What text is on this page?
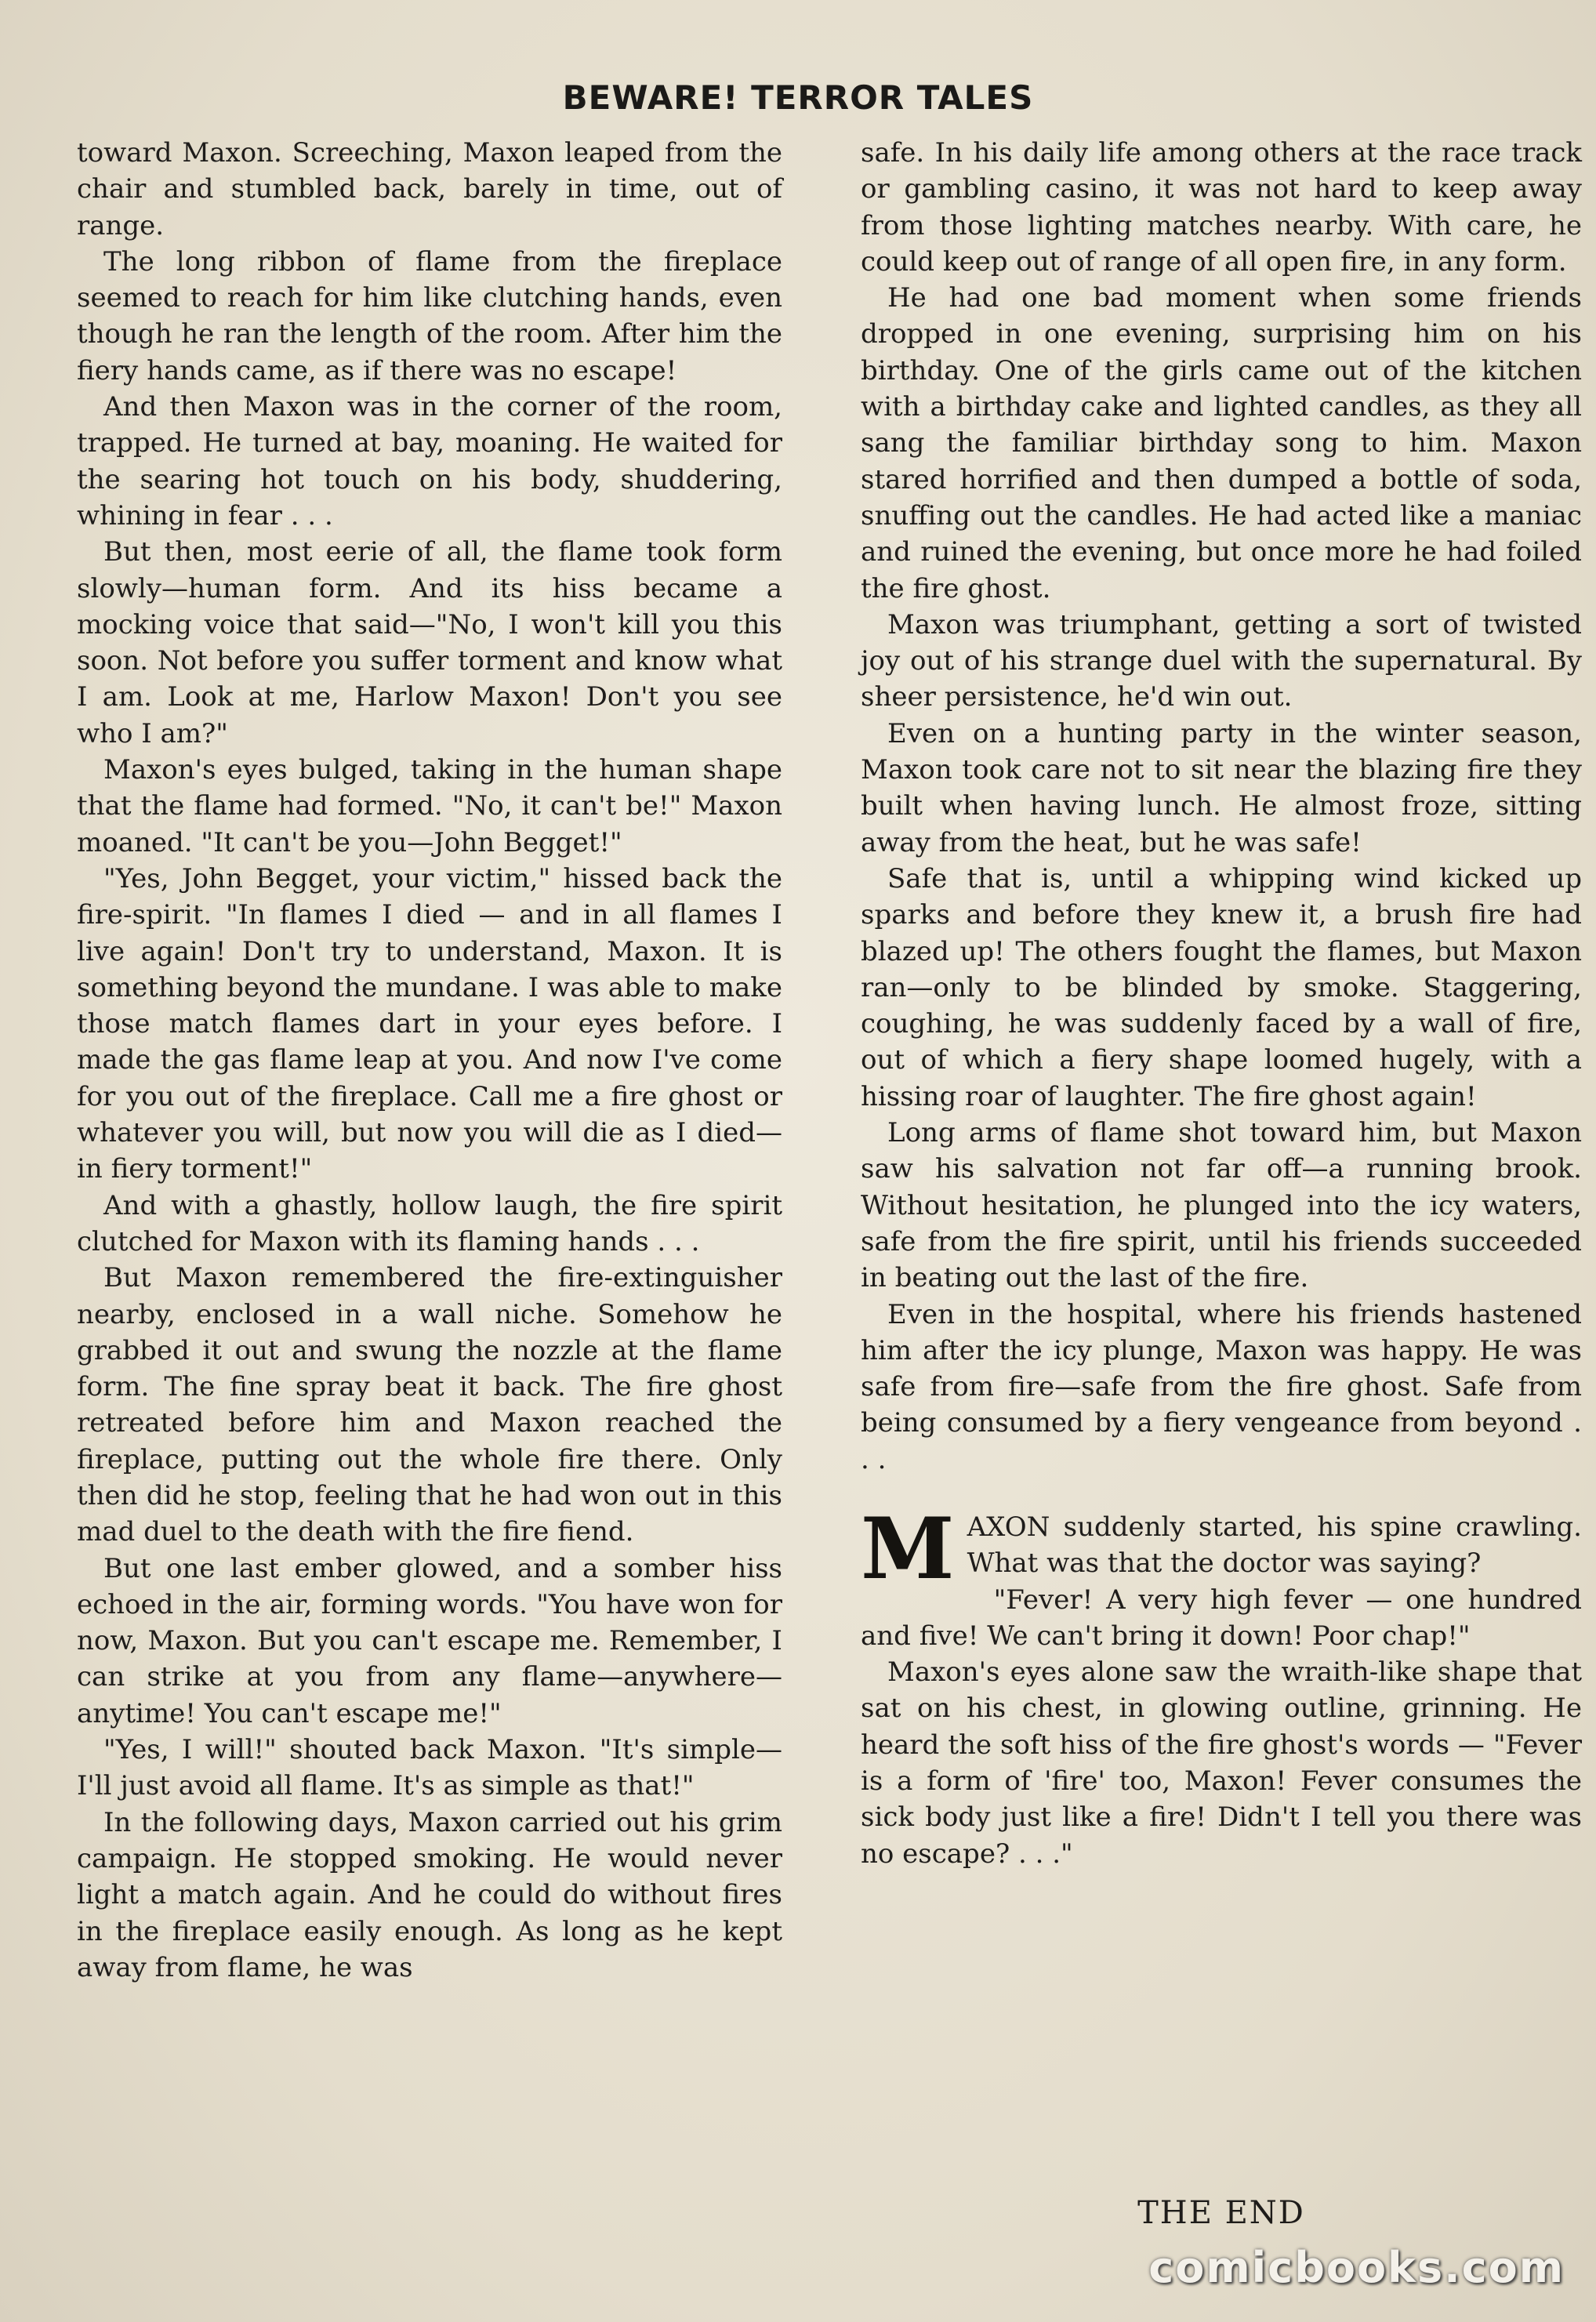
BEWARE! TERROR TALES

toward Maxon. Screeching, Maxon leaped from the chair and stumbled back, barely in time, out of range.

The long ribbon of flame from the fireplace seemed to reach for him like clutching hands, even though he ran the length of the room. After him the fiery hands came, as if there was no escape!

And then Maxon was in the corner of the room, trapped. He turned at bay, moaning. He waited for the searing hot touch on his body, shuddering, whining in fear . . .

But then, most eerie of all, the flame took form slowly—human form. And its hiss became a mocking voice that said—"No, I won't kill you this soon. Not before you suffer torment and know what I am. Look at me, Harlow Maxon! Don't you see who I am?"

Maxon's eyes bulged, taking in the human shape that the flame had formed. "No, it can't be!" Maxon moaned. "It can't be you—John Begget!"

"Yes, John Begget, your victim," hissed back the fire-spirit. "In flames I died — and in all flames I live again! Don't try to understand, Maxon. It is something beyond the mundane. I was able to make those match flames dart in your eyes before. I made the gas flame leap at you. And now I've come for you out of the fireplace. Call me a fire ghost or whatever you will, but now you will die as I died—in fiery torment!"

And with a ghastly, hollow laugh, the fire spirit clutched for Maxon with its flaming hands . . .

But Maxon remembered the fire-extinguisher nearby, enclosed in a wall niche. Somehow he grabbed it out and swung the nozzle at the flame form. The fine spray beat it back. The fire ghost retreated before him and Maxon reached the fireplace, putting out the whole fire there. Only then did he stop, feeling that he had won out in this mad duel to the death with the fire fiend.

But one last ember glowed, and a somber hiss echoed in the air, forming words. "You have won for now, Maxon. But you can't escape me. Remember, I can strike at you from any flame—anywhere—anytime! You can't escape me!"

"Yes, I will!" shouted back Maxon. "It's simple—I'll just avoid all flame. It's as simple as that!"

In the following days, Maxon carried out his grim campaign. He stopped smoking. He would never light a match again. And he could do without fires in the fireplace easily enough. As long as he kept away from flame, he was

safe. In his daily life among others at the race track or gambling casino, it was not hard to keep away from those lighting matches nearby. With care, he could keep out of range of all open fire, in any form.

He had one bad moment when some friends dropped in one evening, surprising him on his birthday. One of the girls came out of the kitchen with a birthday cake and lighted candles, as they all sang the familiar birthday song to him. Maxon stared horrified and then dumped a bottle of soda, snuffing out the candles. He had acted like a maniac and ruined the evening, but once more he had foiled the fire ghost.

Maxon was triumphant, getting a sort of twisted joy out of his strange duel with the supernatural. By sheer persistence, he'd win out.

Even on a hunting party in the winter season, Maxon took care not to sit near the blazing fire they built when having lunch. He almost froze, sitting away from the heat, but he was safe!

Safe that is, until a whipping wind kicked up sparks and before they knew it, a brush fire had blazed up! The others fought the flames, but Maxon ran—only to be blinded by smoke. Staggering, coughing, he was suddenly faced by a wall of fire, out of which a fiery shape loomed hugely, with a hissing roar of laughter. The fire ghost again!

Long arms of flame shot toward him, but Maxon saw his salvation not far off—a running brook. Without hesitation, he plunged into the icy waters, safe from the fire spirit, until his friends succeeded in beating out the last of the fire.

Even in the hospital, where his friends hastened him after the icy plunge, Maxon was happy. He was safe from fire—safe from the fire ghost. Safe from being consumed by a fiery vengeance from beyond . . .

MAXON suddenly started, his spine crawling. What was that the doctor was saying?

"Fever! A very high fever — one hundred and five! We can't bring it down! Poor chap!"

Maxon's eyes alone saw the wraith-like shape that sat on his chest, in glowing outline, grinning. He heard the soft hiss of the fire ghost's words — "Fever is a form of 'fire' too, Maxon! Fever consumes the sick body just like a fire! Didn't I tell you there was no escape? . . ."

THE END
comicbooks.com
